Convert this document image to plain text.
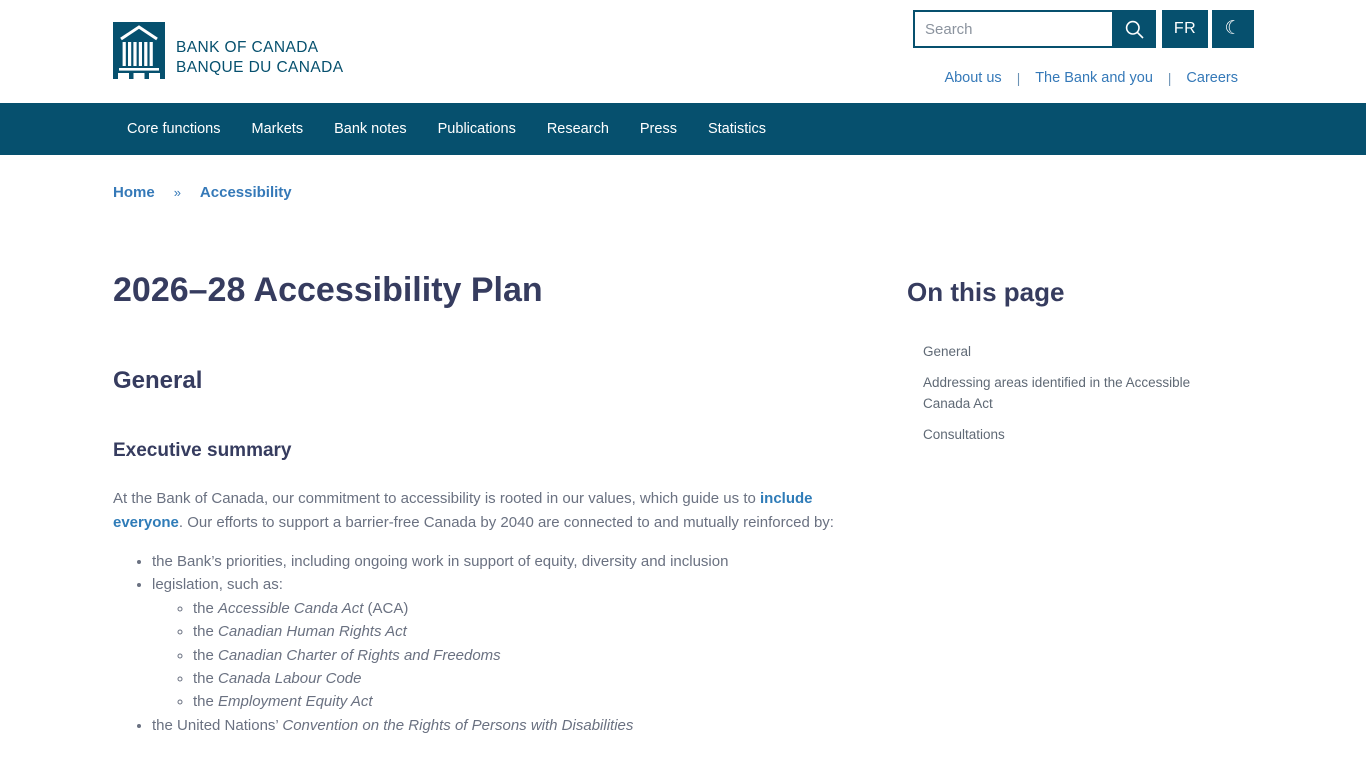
BANK OF CANADA
BANQUE DU CANADA
Search
FR	☾
About us | The Bank and you | Careers
Core functions Markets Bank notes Publications Research Press Statistics
Home » Accessibility
2026–28 Accessibility Plan
General
Executive summary

At the Bank of Canada, our commitment to accessibility is rooted in our values, which guide us to include everyone. Our efforts to support a barrier-free Canada by 2040 are connected to and mutually reinforced by:

• the Bank’s priorities, including ongoing work in support of equity, diversity and inclusion
• legislation, such as:
◦ the Accessible Canda Act (ACA)
◦ the Canadian Human Rights Act
◦ the Canadian Charter of Rights and Freedoms
◦ the Canada Labour Code
◦ the Employment Equity Act
• the United Nations’ Convention on the Rights of Persons with Disabilities
On this page
General
Addressing areas identified in the Accessible Canada Act
Consultations
